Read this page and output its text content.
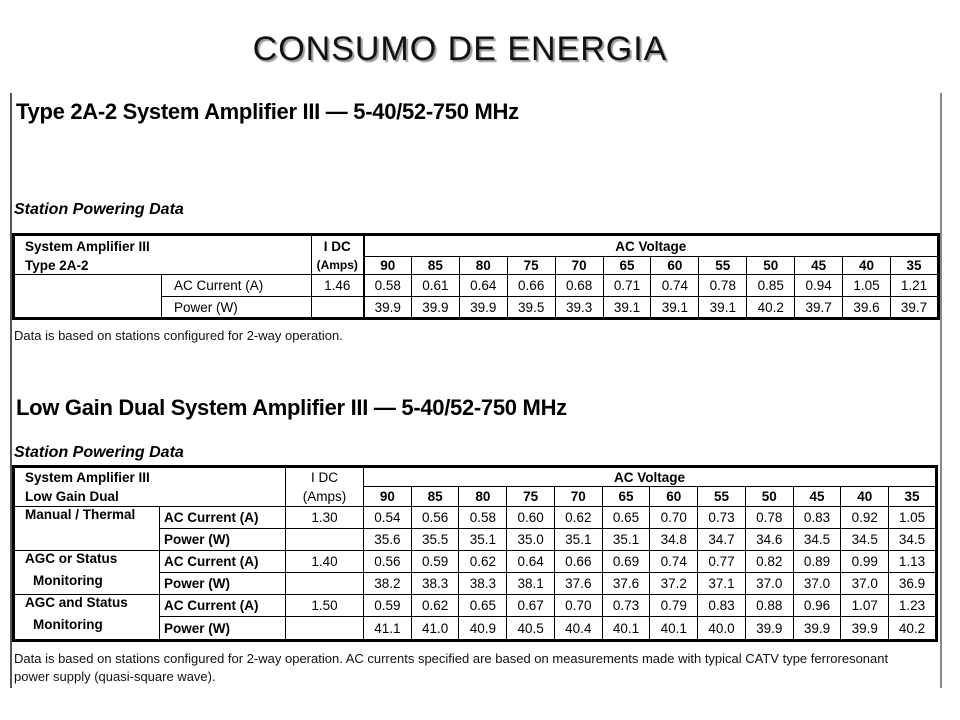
CONSUMO DE ENERGIA
Type 2A-2 System Amplifier III — 5-40/52-750 MHz
Station Powering Data
System Amplifier III		I DC	AC Voltage											
Type 2A-2		(Amps)	90	85	80	75	70	65	60	55	50	45	40	35
	AC Current (A)	1.46	0.58	0.61	0.64	0.66	0.68	0.71	0.74	0.78	0.85	0.94	1.05	1.21
	Power (W)		39.9	39.9	39.9	39.5	39.3	39.1	39.1	39.1	40.2	39.7	39.6	39.7

Data is based on stations configured for 2-way operation.

Low Gain Dual System Amplifier III — 5-40/52-750 MHz
Station Powering Data
System Amplifier III		I DC	AC Voltage											
Low Gain Dual		(Amps)	90	85	80	75	70	65	60	55	50	45	40	35
Manual / Thermal	AC Current (A)	1.30	0.54	0.56	0.58	0.60	0.62	0.65	0.70	0.73	0.78	0.83	0.92	1.05
	Power (W)		35.6	35.5	35.1	35.0	35.1	35.1	34.8	34.7	34.6	34.5	34.5	34.5
AGC or Status	AC Current (A)	1.40	0.56	0.59	0.62	0.64	0.66	0.69	0.74	0.77	0.82	0.89	0.99	1.13
Monitoring	Power (W)		38.2	38.3	38.3	38.1	37.6	37.6	37.2	37.1	37.0	37.0	37.0	36.9
AGC and Status	AC Current (A)	1.50	0.59	0.62	0.65	0.67	0.70	0.73	0.79	0.83	0.88	0.96	1.07	1.23
Monitoring	Power (W)		41.1	41.0	40.9	40.5	40.4	40.1	40.1	40.0	39.9	39.9	39.9	40.2

Data is based on stations configured for 2-way operation. AC currents specified are based on measurements made with typical CATV type ferroresonant

power supply (quasi-square wave).
